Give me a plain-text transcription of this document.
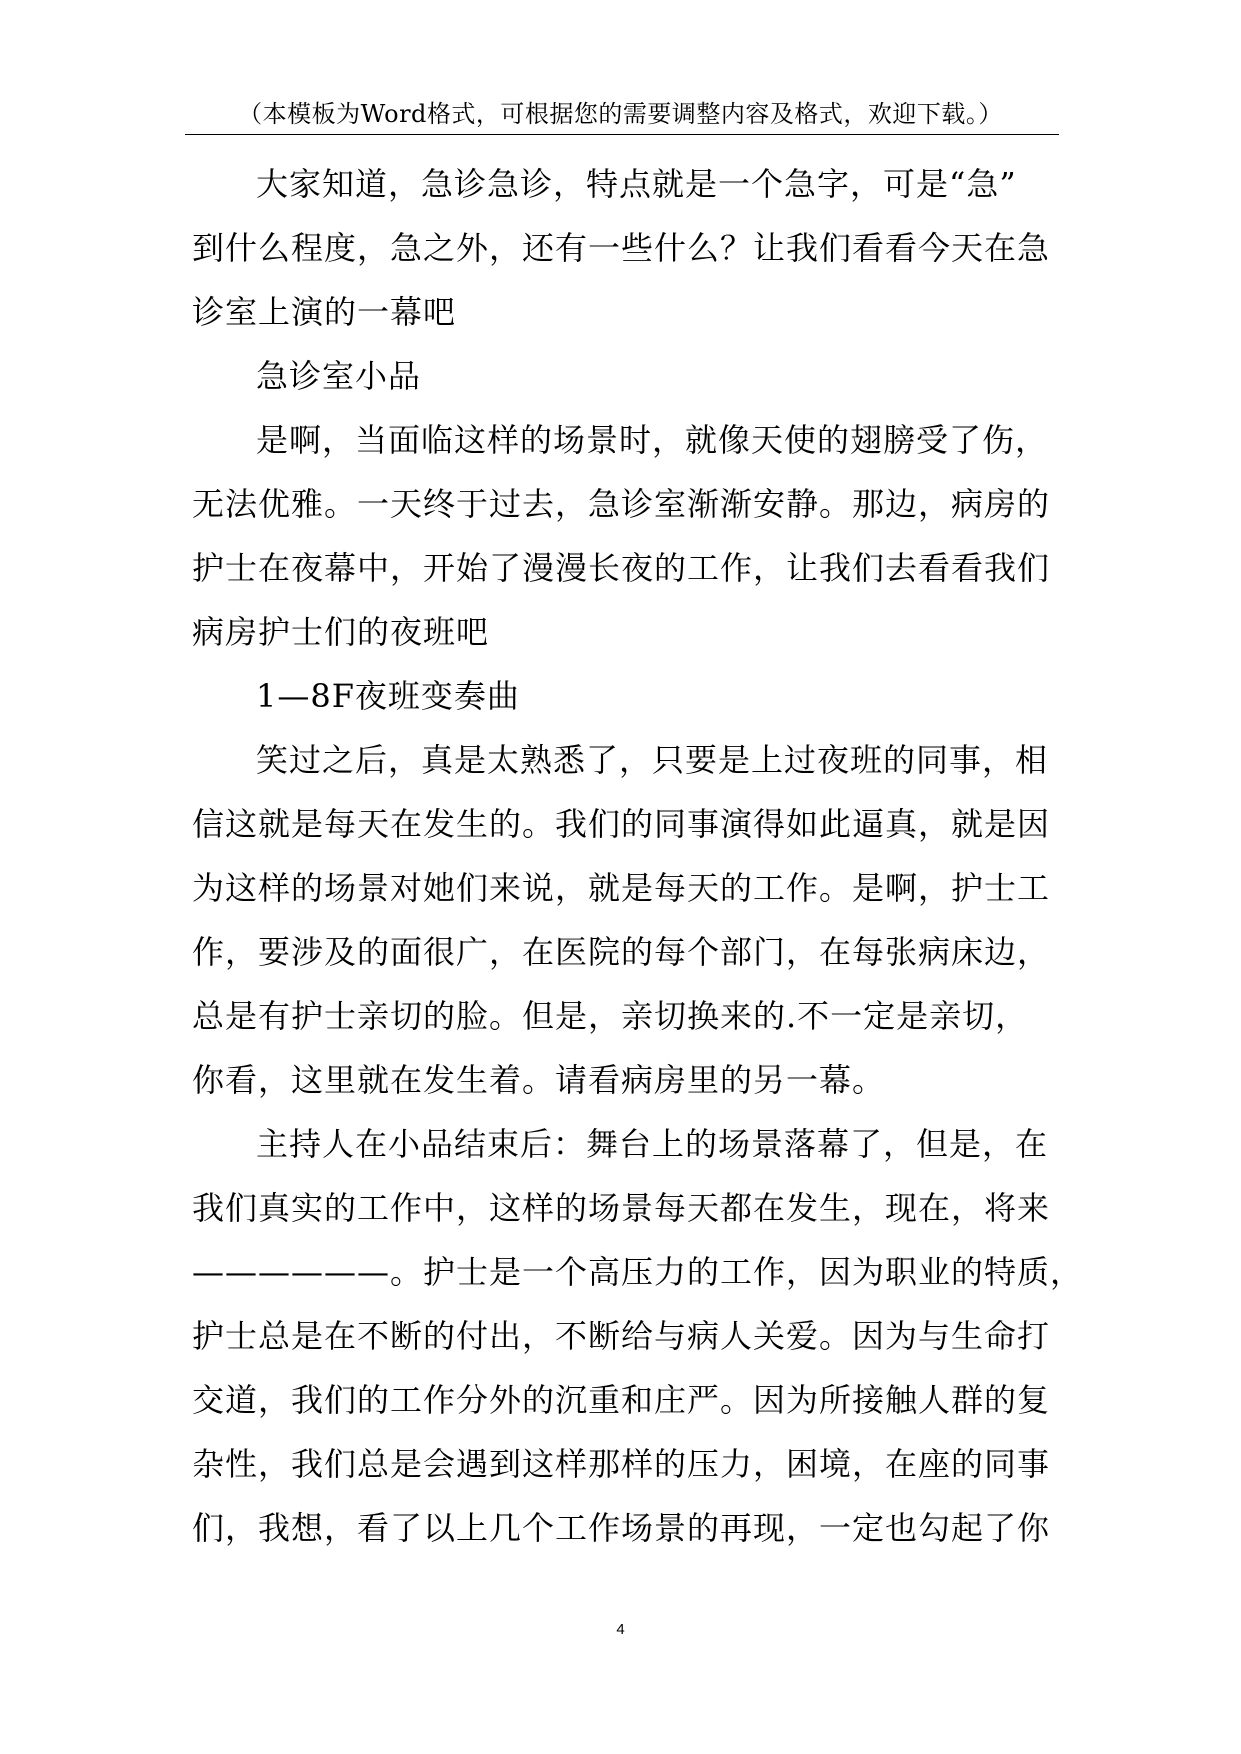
（本模板为Word格式，可根据您的需要调整内容及格式，欢迎下载。）
大家知道，急诊急诊，特点就是一个急字，可是“急”
到什么程度，急之外，还有一些什么？让我们看看今天在急
诊室上演的一幕吧
急诊室小品
是啊，当面临这样的场景时，就像天使的翅膀受了伤，
无法优雅。一天终于过去，急诊室渐渐安静。那边，病房的
护士在夜幕中，开始了漫漫长夜的工作，让我们去看看我们
病房护士们的夜班吧
1—8F夜班变奏曲
笑过之后，真是太熟悉了，只要是上过夜班的同事，相
信这就是每天在发生的。我们的同事演得如此逼真，就是因
为这样的场景对她们来说，就是每天的工作。是啊，护士工
作，要涉及的面很广，在医院的每个部门，在每张病床边，
总是有护士亲切的脸。但是，亲切换来的.不一定是亲切，
你看，这里就在发生着。请看病房里的另一幕。
主持人在小品结束后：舞台上的场景落幕了，但是，在
我们真实的工作中，这样的场景每天都在发生，现在，将来
——————。护士是一个高压力的工作，因为职业的特质，
护士总是在不断的付出，不断给与病人关爱。因为与生命打
交道，我们的工作分外的沉重和庄严。因为所接触人群的复
杂性，我们总是会遇到这样那样的压力，困境，在座的同事
们，我想，看了以上几个工作场景的再现，一定也勾起了你
4
